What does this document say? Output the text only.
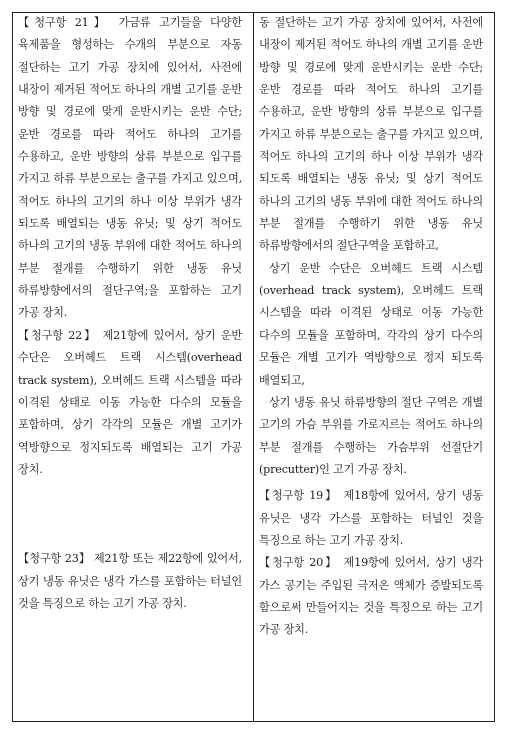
【청구항 21】 가금류 고기들을 다양한 육제품을 형성하는 수개의 부분으로 자동 절단하는 고기 가공 장치에 있어서, 사전에 내장이 제거된 적어도 하나의 개별 고기를 운반 방향 및 경로에 맞게 운반시키는 운반 수단; 운반 경로를 따라 적어도 하나의 고기를 수용하고, 운반 방향의 상류 부분으로 입구를 가지고 하류 부분으로는 출구를 가지고 있으며, 적어도 하나의 고기의 하나 이상 부위가 냉각 되도록 배열되는 냉동 유닛; 및 상기 적어도 하나의 고기의 냉동 부위에 대한 적어도 하나의 부분 절개를 수행하기 위한 냉동 유닛 하류방향에서의 절단구역;을 포함하는 고기 가공 장치.

【청구항 22】 제21항에 있어서, 상기 운반 수단은 오버헤드 트랙 시스템(overhead track system), 오버헤드 트랙 시스템을 따라 이격된 상태로 이동 가능한 다수의 모듈을 포함하며, 상기 각각의 모듈은 개별 고기가 역방향으로 정지되도록 배열되는 고기 가공 장치.

【청구항 23】 제21항 또는 제22항에 있어서, 상기 냉동 유닛은 냉각 가스를 포함하는 터널인 것을 특징으로 하는 고기 가공 장치.

동 절단하는 고기 가공 장치에 있어서, 사전에 내장이 제거된 적어도 하나의 개별 고기를 운반 방향 및 경로에 맞게 운반시키는 운반 수단; 운반 경로를 따라 적어도 하나의 고기를 수용하고, 운반 방향의 상류 부분으로 입구를 가지고 하류 부분으로는 출구를 가지고 있으며, 적어도 하나의 고기의 하나 이상 부위가 냉각 되도록 배열되는 냉동 유닛; 및 상기 적어도 하나의 고기의 냉동 부위에 대한 적어도 하나의 부분 절개를 수행하기 위한 냉동 유닛 하류방향에서의 절단구역을 포함하고,

상기 운반 수단은 오버헤드 트랙 시스템(overhead track system), 오버헤드 트랙 시스템을 따라 이격된 상태로 이동 가능한 다수의 모듈을 포함하며, 각각의 상기 다수의 모듈은 개별 고기가 역방향으로 정지 되도록 배열되고,

상기 냉동 유닛 하류방향의 절단 구역은 개별 고기의 가슴 부위를 가로지르는 적어도 하나의 부분 절개를 수행하는 가슴부위 선절단기(precutter)인 고기 가공 장치.

【청구항 19】 제18항에 있어서, 상기 냉동 유닛은 냉각 가스를 포함하는 터널인 것을 특징으로 하는 고기 가공 장치.

【청구항 20】 제19항에 있어서, 상기 냉각 가스 공기는 주입된 극저온 액체가 증발되도록 함으로써 만들어지는 것을 특징으로 하는 고기 가공 장치.
